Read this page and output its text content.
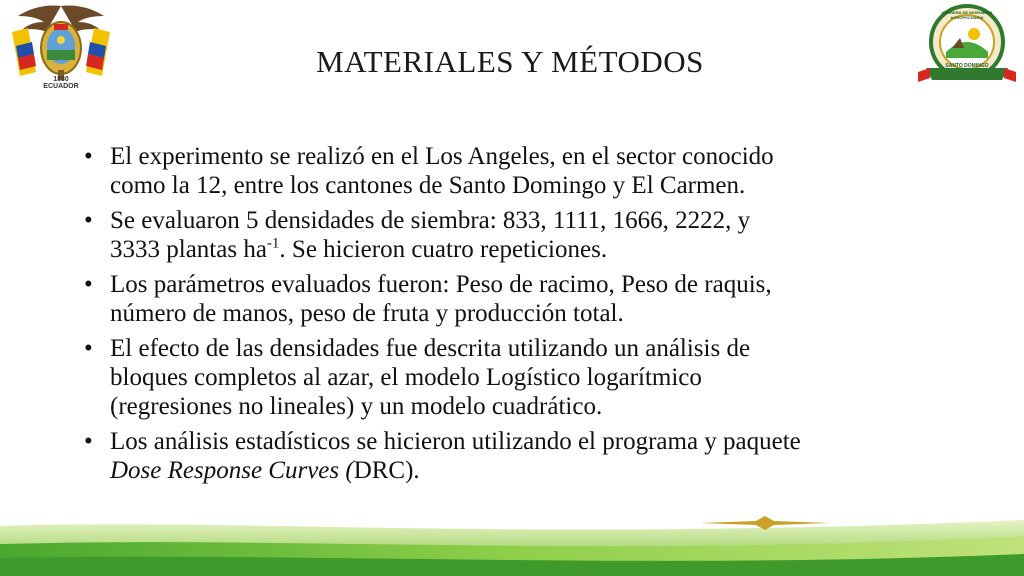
1830
ECUADOR
MATERIALES Y MÉTODOS
CARRERA DE INGENIERÍA AGROPECUARIA
SANTO DOMINGO
ESPE
• El experimento se realizó en el Los Angeles, en el sector conocido
como la 12, entre los cantones de Santo Domingo y El Carmen.
• Se evaluaron 5 densidades de siembra: 833, 1111, 1666, 2222, y
3333 plantas $ha^{-1}$. Se hicieron cuatro repeticiones.
• Los parámetros evaluados fueron: Peso de racimo, Peso de raquis,
número de manos, peso de fruta y producción total.
• El efecto de las densidades fue descrita utilizando un análisis de
bloques completos al azar, el modelo Logístico logarítmico
(regresiones no lineales) y un modelo cuadrático.
• Los análisis estadísticos se hicieron utilizando el programa y paquete
Dose Response Curves (DRC).
